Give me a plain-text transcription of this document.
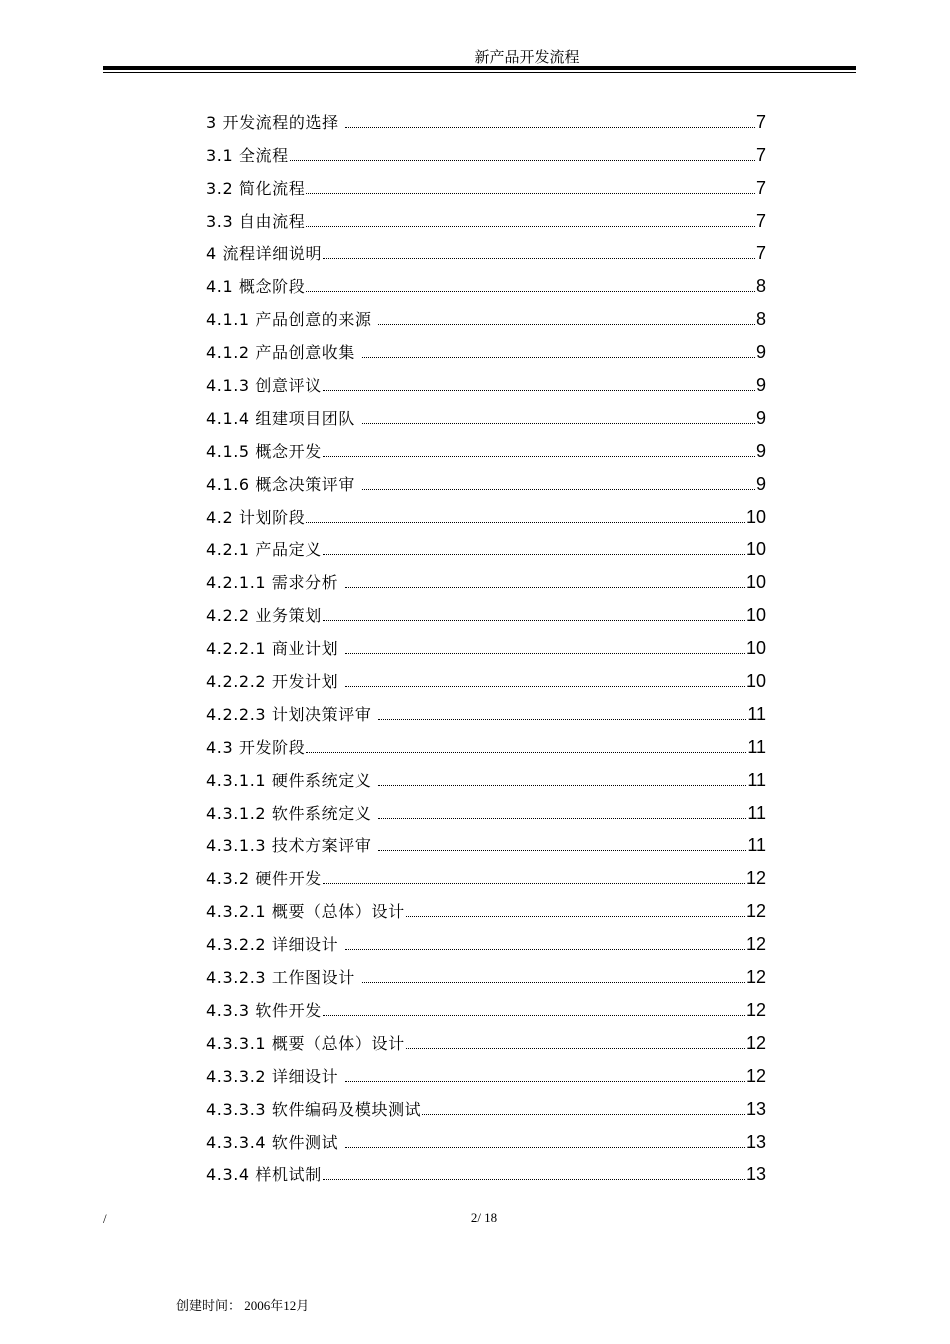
新产品开发流程
3 开发流程的选择	7
3.1 全流程	7
3.2 简化流程	7
3.3 自由流程	7
4 流程详细说明	7
4.1 概念阶段	8
4.1.1 产品创意的来源	8
4.1.2 产品创意收集	9
4.1.3 创意评议	9
4.1.4 组建项目团队	9
4.1.5 概念开发	9
4.1.6 概念决策评审	9
4.2 计划阶段	10
4.2.1 产品定义	10
4.2.1.1 需求分析	10
4.2.2 业务策划	10
4.2.2.1 商业计划	10
4.2.2.2 开发计划	10
4.2.2.3 计划决策评审	11
4.3 开发阶段	11
4.3.1.1 硬件系统定义	11
4.3.1.2 软件系统定义	11
4.3.1.3 技术方案评审	11
4.3.2 硬件开发	12
4.3.2.1 概要（总体）设计	12
4.3.2.2 详细设计	12
4.3.2.3 工作图设计	12
4.3.3 软件开发	12
4.3.3.1 概要（总体）设计	12
4.3.3.2 详细设计	12
4.3.3.3 软件编码及模块测试	13
4.3.3.4 软件测试	13
4.3.4 样机试制	13
/	2/ 18
创建时间： 2006年12月
